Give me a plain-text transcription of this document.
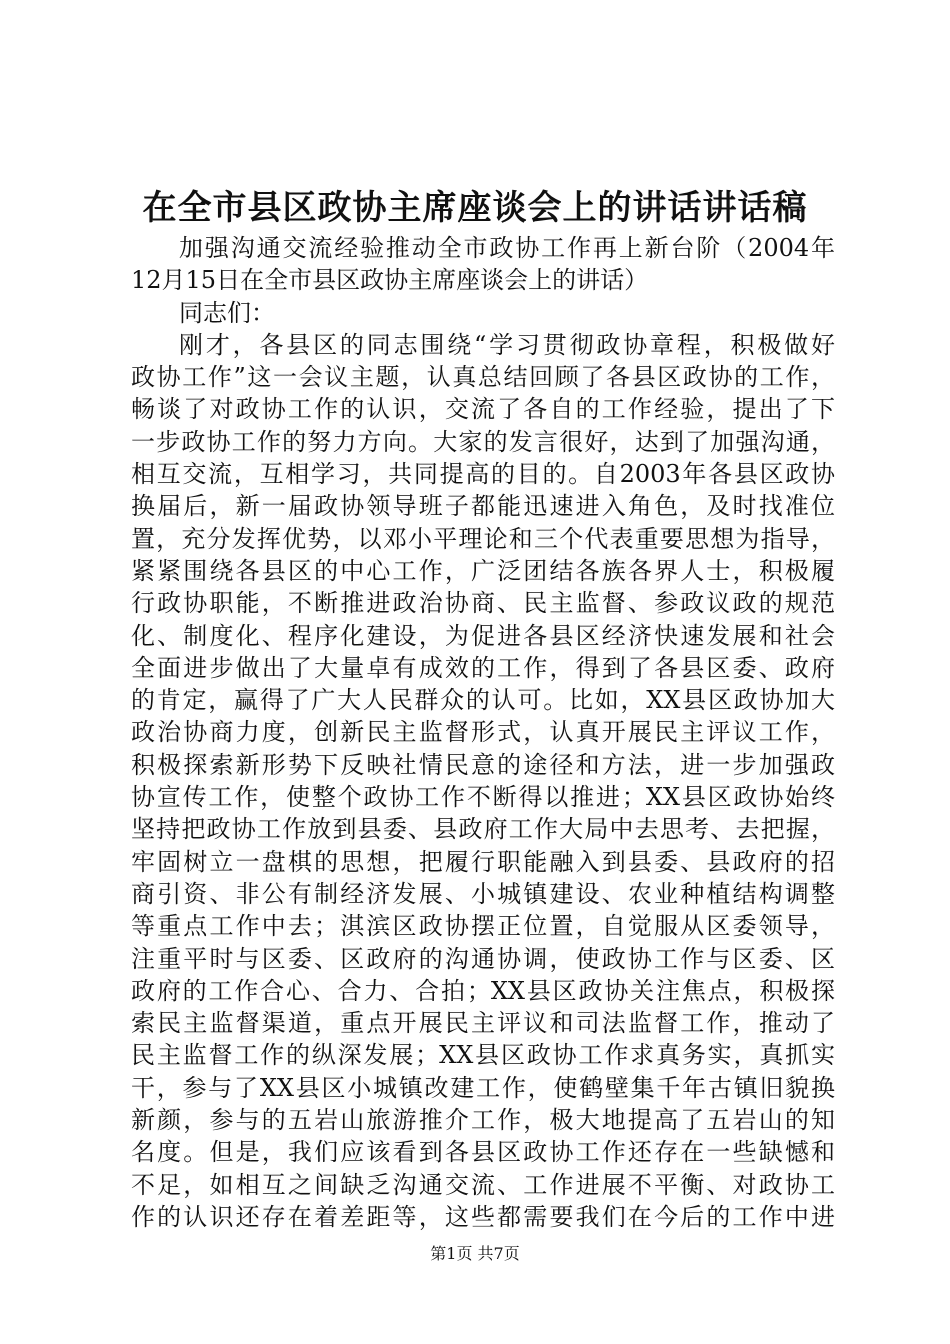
在全市县区政协主席座谈会上的讲话讲话稿
加强沟通交流经验推动全市政协工作再上新台阶（2004年
12月15日在全市县区政协主席座谈会上的讲话）
同志们：
刚才，各县区的同志围绕“学习贯彻政协章程，积极做好
政协工作”这一会议主题，认真总结回顾了各县区政协的工作，
畅谈了对政协工作的认识，交流了各自的工作经验，提出了下
一步政协工作的努力方向。大家的发言很好，达到了加强沟通，
相互交流，互相学习，共同提高的目的。自2003年各县区政协
换届后，新一届政协领导班子都能迅速进入角色，及时找准位
置，充分发挥优势，以邓小平理论和三个代表重要思想为指导，
紧紧围绕各县区的中心工作，广泛团结各族各界人士，积极履
行政协职能，不断推进政治协商、民主监督、参政议政的规范
化、制度化、程序化建设，为促进各县区经济快速发展和社会
全面进步做出了大量卓有成效的工作，得到了各县区委、政府
的肯定，赢得了广大人民群众的认可。比如，XX县区政协加大
政治协商力度，创新民主监督形式，认真开展民主评议工作，
积极探索新形势下反映社情民意的途径和方法，进一步加强政
协宣传工作，使整个政协工作不断得以推进；XX县区政协始终
坚持把政协工作放到县委、县政府工作大局中去思考、去把握，
牢固树立一盘棋的思想，把履行职能融入到县委、县政府的招
商引资、非公有制经济发展、小城镇建设、农业种植结构调整
等重点工作中去；淇滨区政协摆正位置，自觉服从区委领导，
注重平时与区委、区政府的沟通协调，使政协工作与区委、区
政府的工作合心、合力、合拍；XX县区政协关注焦点，积极探
索民主监督渠道，重点开展民主评议和司法监督工作，推动了
民主监督工作的纵深发展；XX县区政协工作求真务实，真抓实
干，参与了XX县区小城镇改建工作，使鹤壁集千年古镇旧貌换
新颜，参与的五岩山旅游推介工作，极大地提高了五岩山的知
名度。但是，我们应该看到各县区政协工作还存在一些缺憾和
不足，如相互之间缺乏沟通交流、工作进展不平衡、对政协工
作的认识还存在着差距等，这些都需要我们在今后的工作中进
第1页 共7页
